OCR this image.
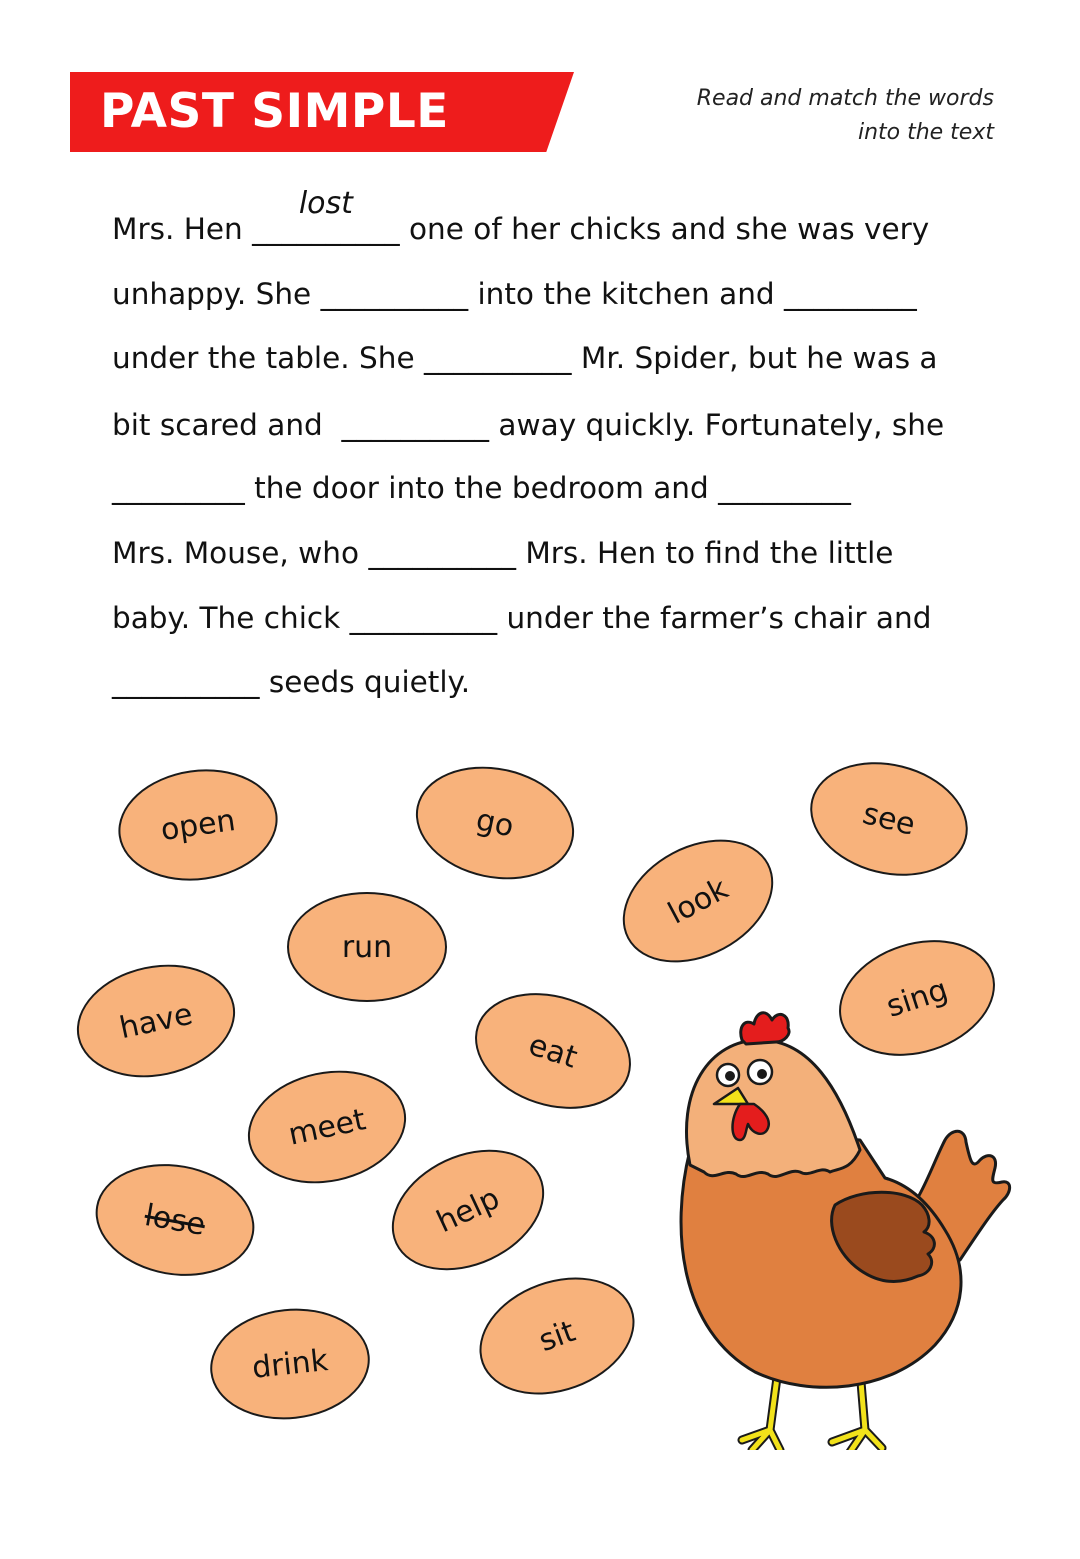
PAST SIMPLE	Read and match the words into the text
Mrs. Hen __________
lost
one of her chicks and she was very
unhappy. She __________ into the kitchen and _________
under the table. She __________ Mr. Spider, but he was a
bit scared and  __________ away quickly. Fortunately, she
_________ the door into the bedroom and _________
Mrs. Mouse, who __________ Mrs. Hen to find the little
baby. The chick __________ under the farmer’s chair and
__________ seeds quietly.
open	go	see
look
run
have	sing
eat
meet
lose	help
drink
sit
